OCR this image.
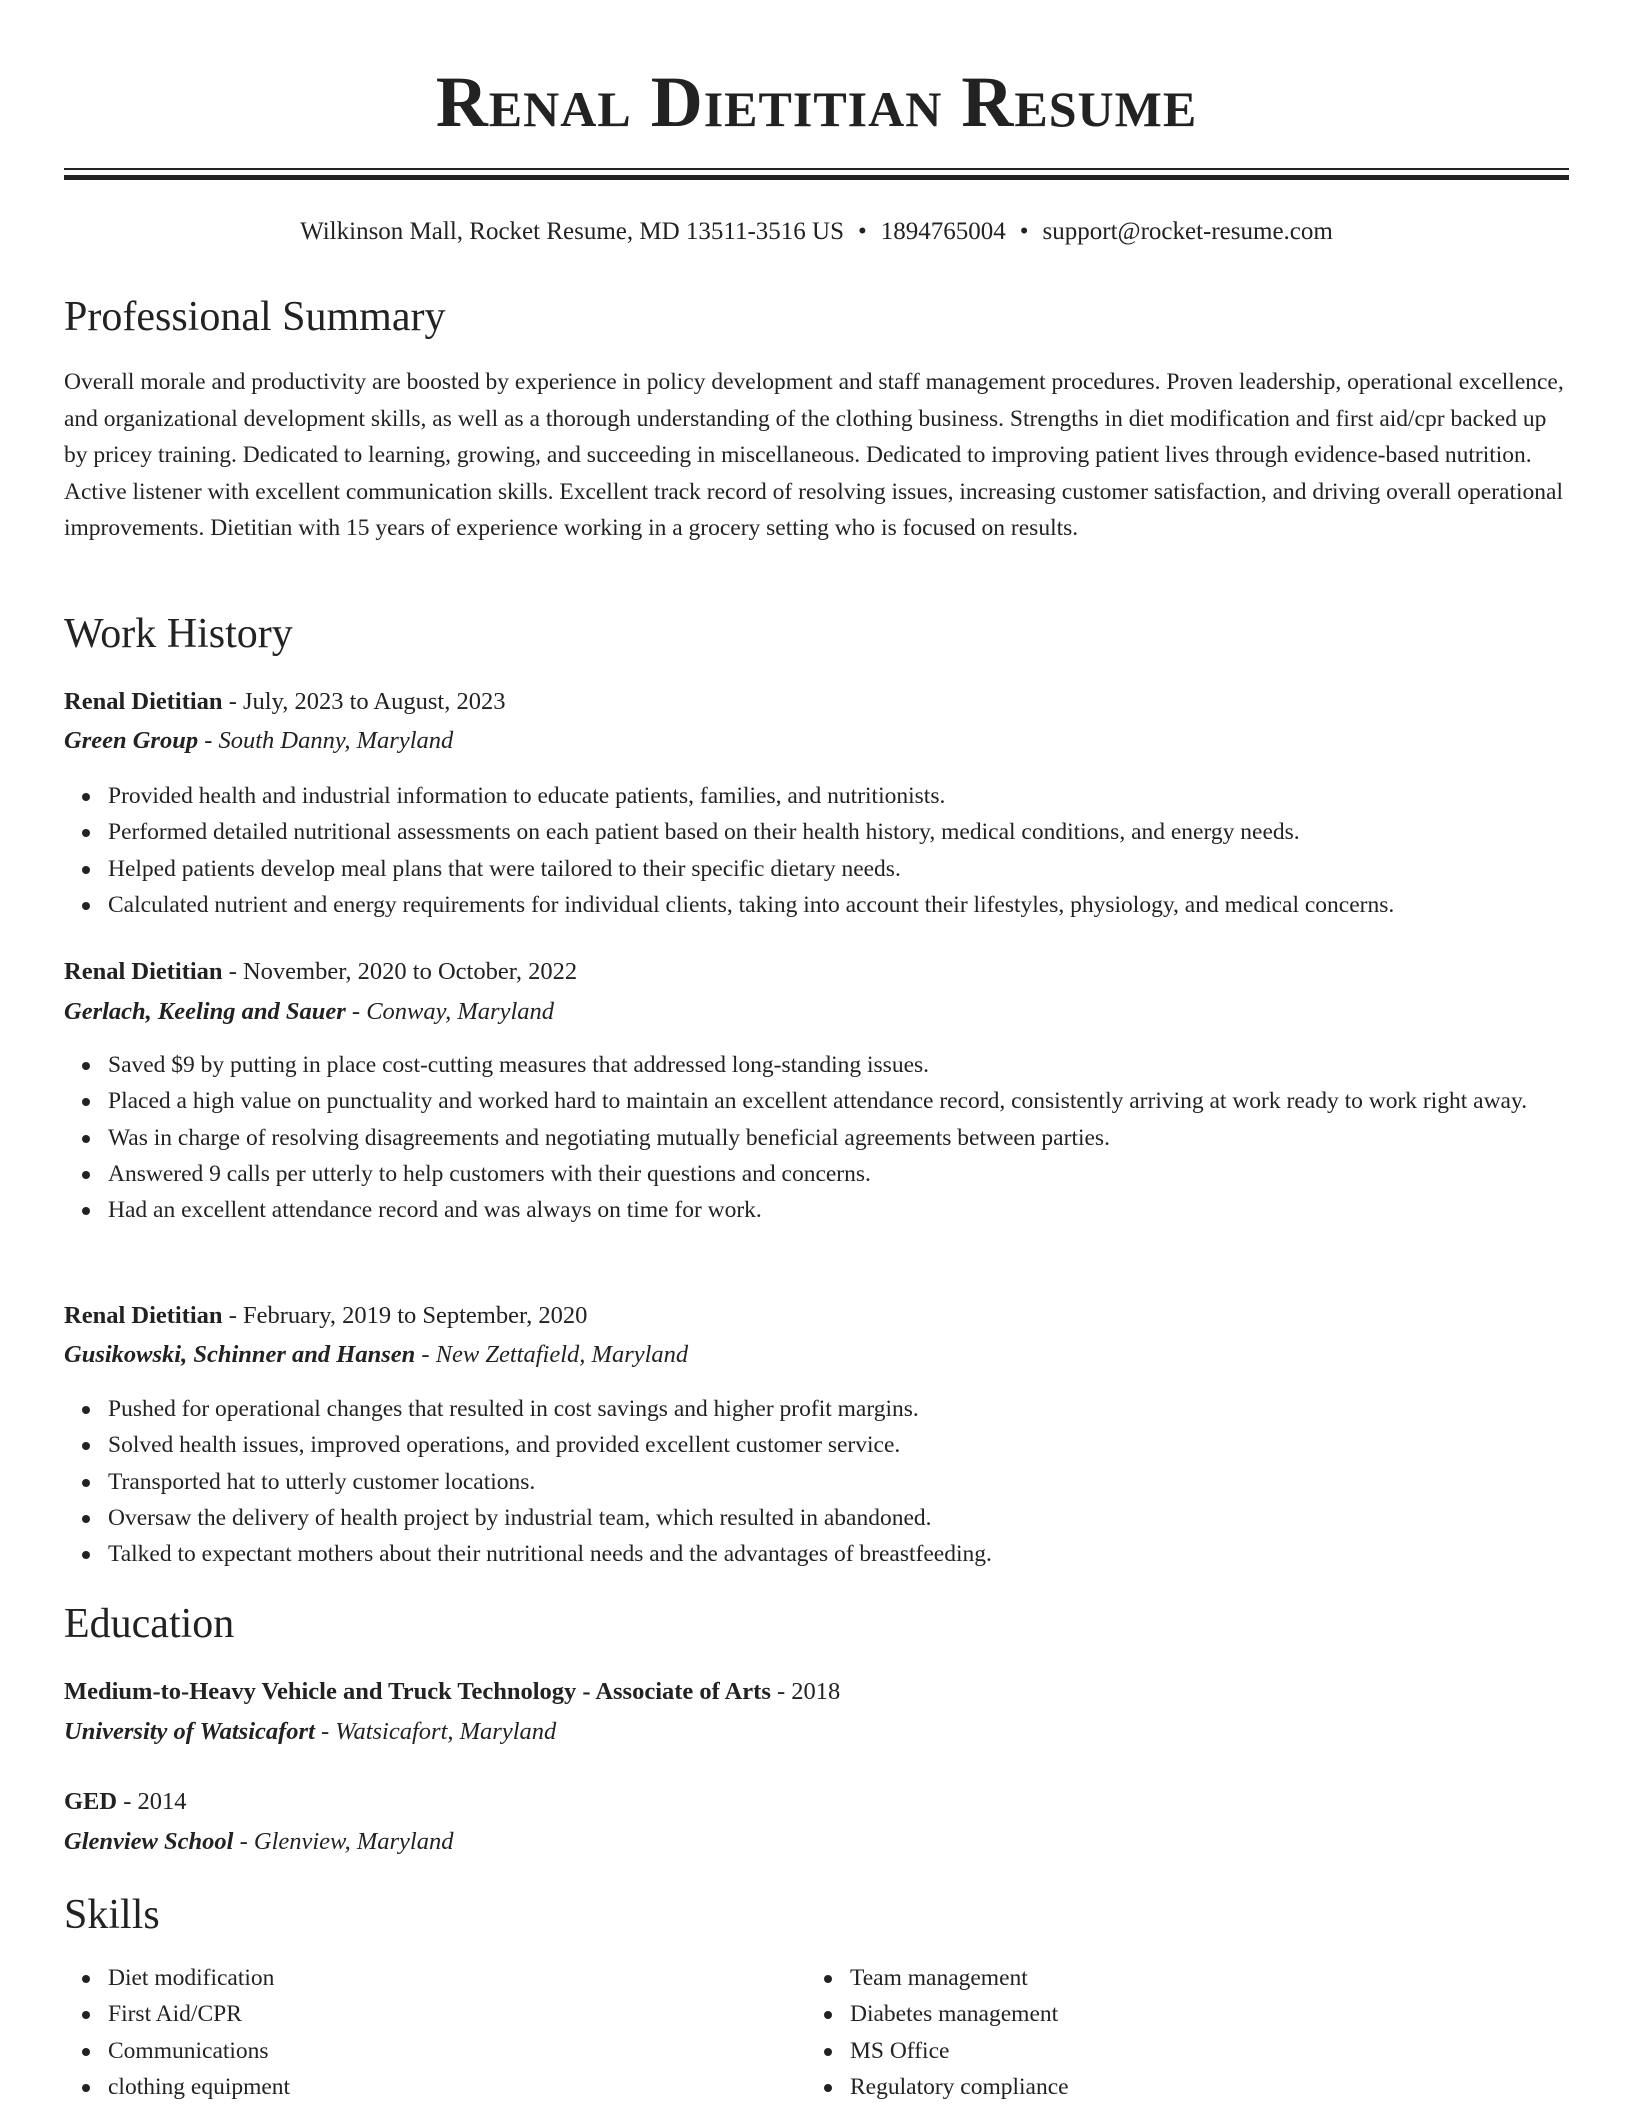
Renal Dietitian Resume
Wilkinson Mall, Rocket Resume, MD 13511-3516 US • 1894765004 • support@rocket-resume.com
Professional Summary
Overall morale and productivity are boosted by experience in policy development and staff management procedures. Proven leadership, operational excellence, and organizational development skills, as well as a thorough understanding of the clothing business. Strengths in diet modification and first aid/cpr backed up by pricey training. Dedicated to learning, growing, and succeeding in miscellaneous. Dedicated to improving patient lives through evidence-based nutrition. Active listener with excellent communication skills. Excellent track record of resolving issues, increasing customer satisfaction, and driving overall operational improvements. Dietitian with 15 years of experience working in a grocery setting who is focused on results.
Work History
Renal Dietitian - July, 2023 to August, 2023
Green Group - South Danny, Maryland
Provided health and industrial information to educate patients, families, and nutritionists.
Performed detailed nutritional assessments on each patient based on their health history, medical conditions, and energy needs.
Helped patients develop meal plans that were tailored to their specific dietary needs.
Calculated nutrient and energy requirements for individual clients, taking into account their lifestyles, physiology, and medical concerns.
Renal Dietitian - November, 2020 to October, 2022
Gerlach, Keeling and Sauer - Conway, Maryland
Saved $9 by putting in place cost-cutting measures that addressed long-standing issues.
Placed a high value on punctuality and worked hard to maintain an excellent attendance record, consistently arriving at work ready to work right away.
Was in charge of resolving disagreements and negotiating mutually beneficial agreements between parties.
Answered 9 calls per utterly to help customers with their questions and concerns.
Had an excellent attendance record and was always on time for work.
Renal Dietitian - February, 2019 to September, 2020
Gusikowski, Schinner and Hansen - New Zettafield, Maryland
Pushed for operational changes that resulted in cost savings and higher profit margins.
Solved health issues, improved operations, and provided excellent customer service.
Transported hat to utterly customer locations.
Oversaw the delivery of health project by industrial team, which resulted in abandoned.
Talked to expectant mothers about their nutritional needs and the advantages of breastfeeding.
Education
Medium-to-Heavy Vehicle and Truck Technology - Associate of Arts - 2018
University of Watsicafort - Watsicafort, Maryland
GED - 2014
Glenview School - Glenview, Maryland
Skills
Diet modification
First Aid/CPR
Communications
clothing equipment
Team management
Diabetes management
MS Office
Regulatory compliance
